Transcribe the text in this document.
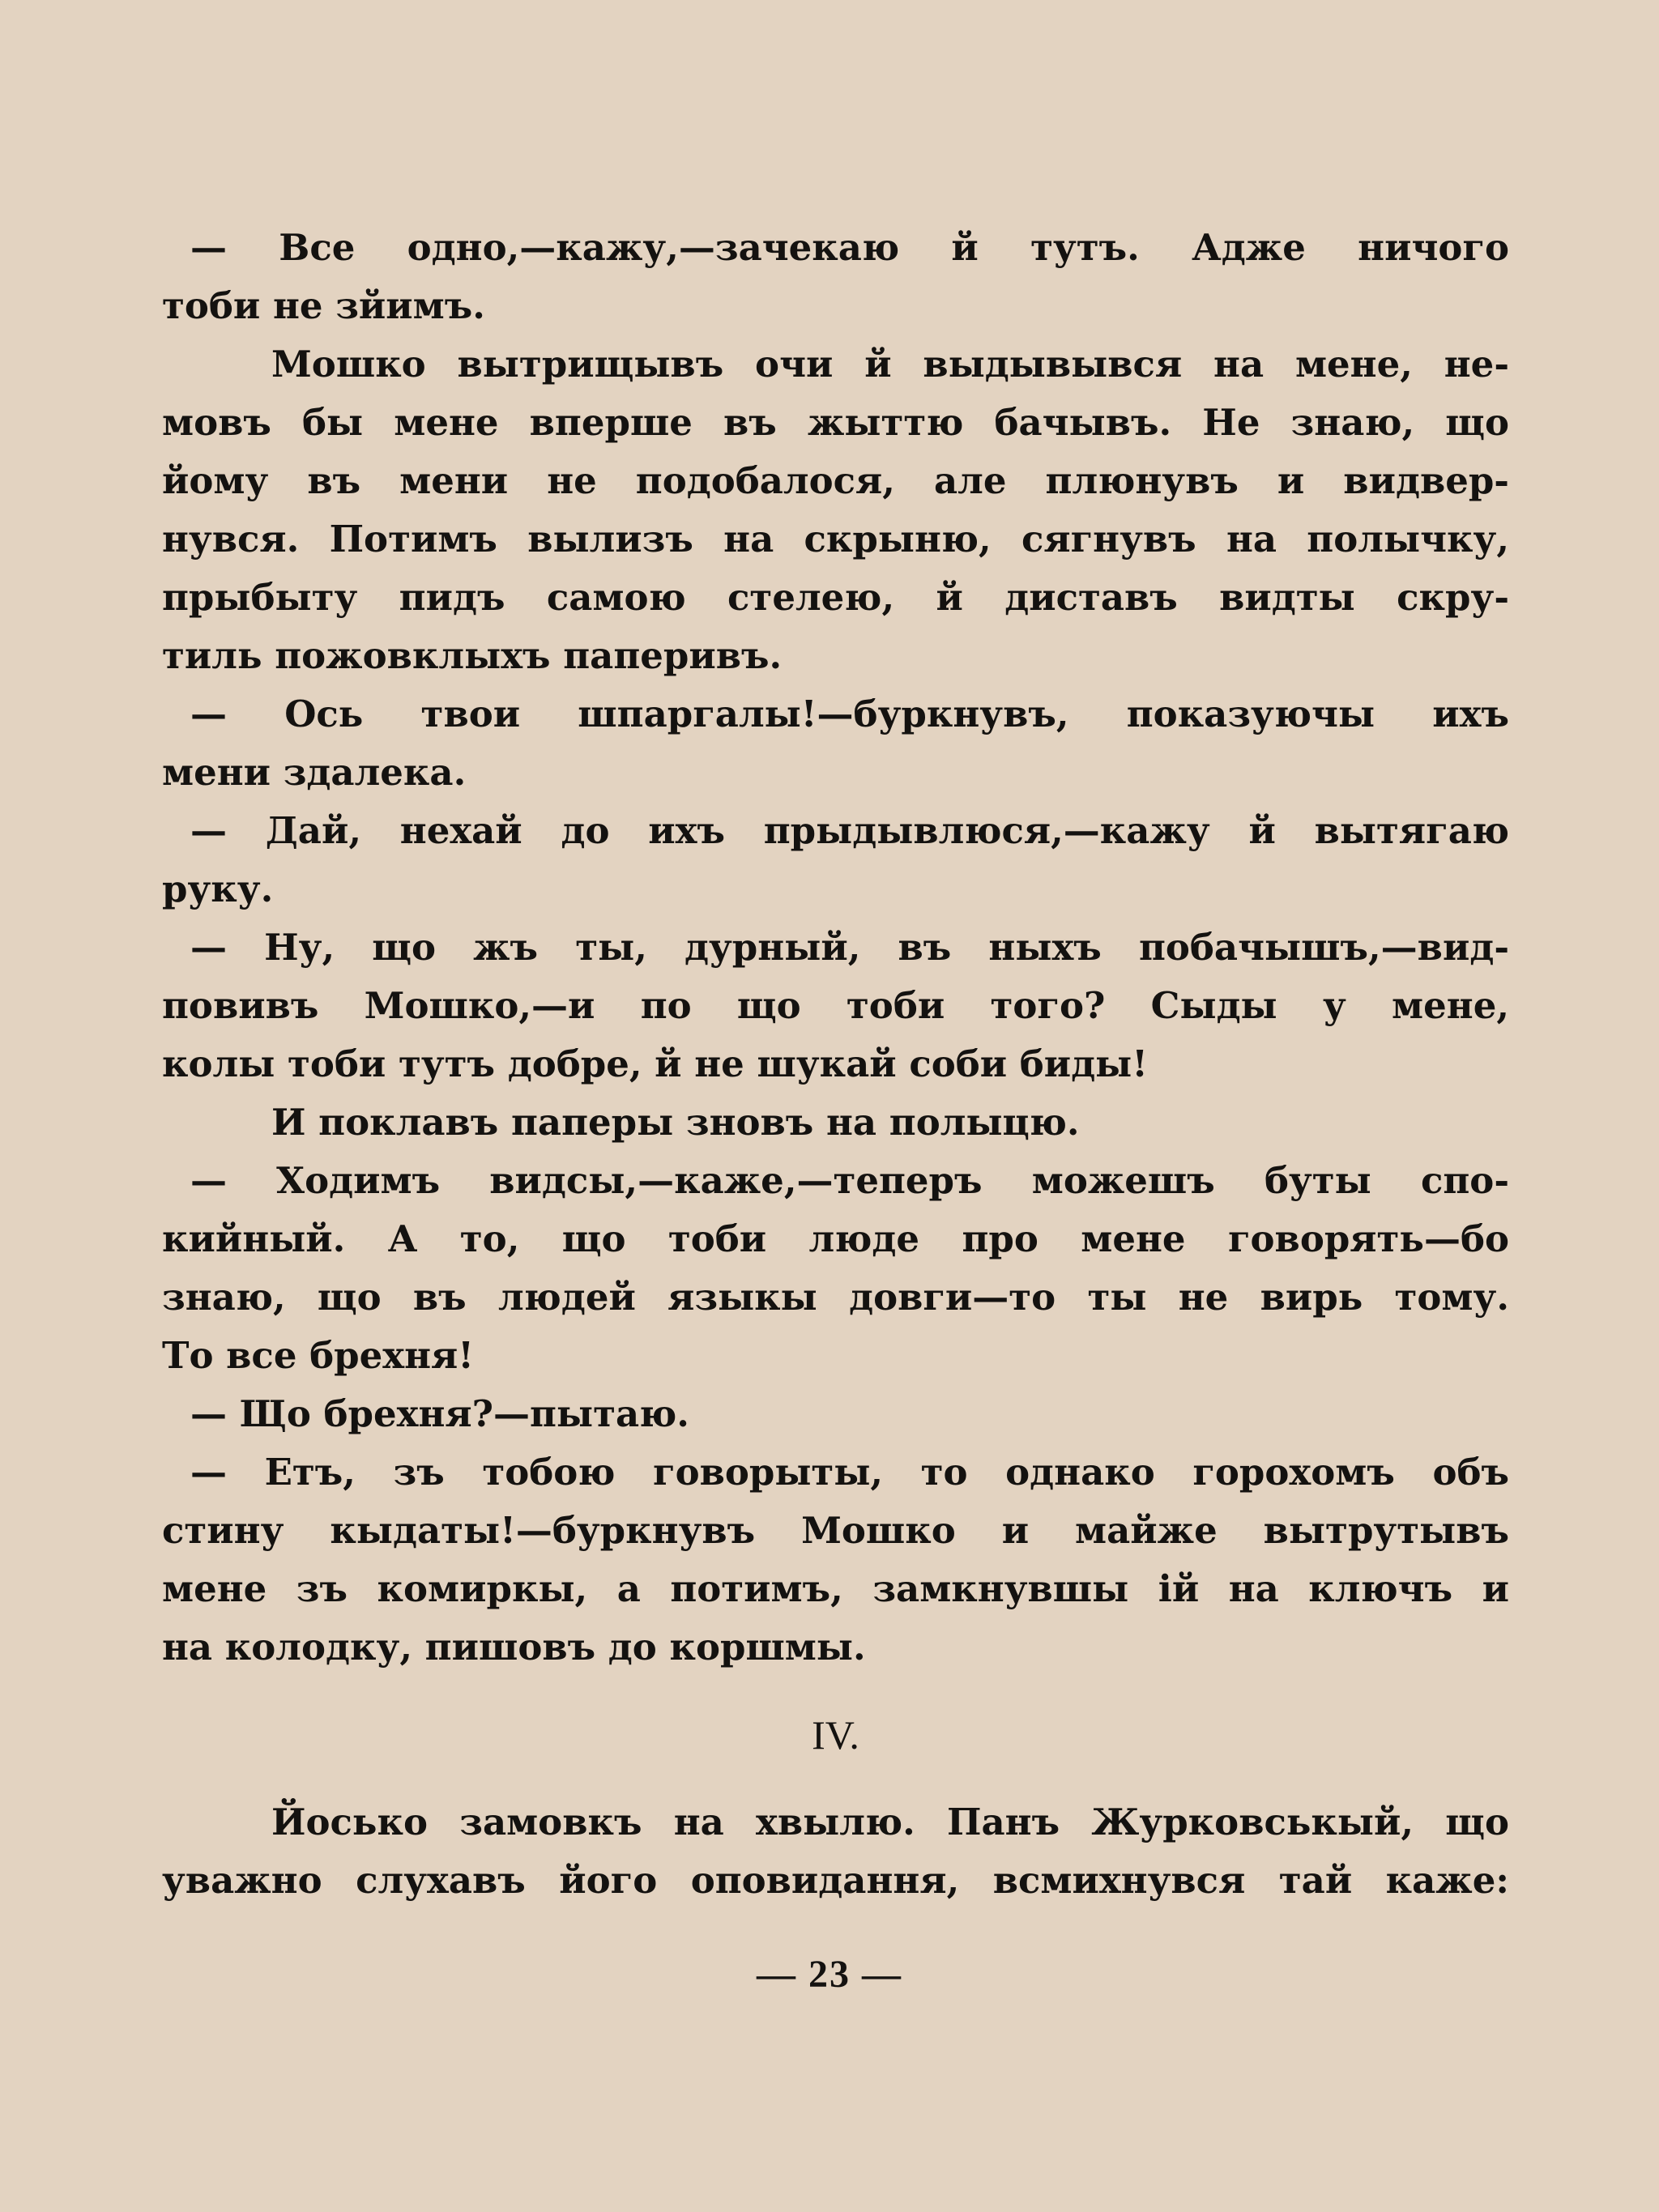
— Все одно,—кажу,—зачекаю й тутъ. Адже ничого
тоби не зйимъ.
Мошко вытрищывъ очи й выдывывся на мене, не-
мовъ бы мене вперше въ жыттю бачывъ. Не знаю, що
йому въ мени не подобалося, але плюнувъ и видвер-
нувся. Потимъ вылизъ на скрыню, сягнувъ на полычку,
прыбыту пидъ самою стелею, й диставъ видты скру-
тиль пожовклыхъ паперивъ.
— Ось твои шпаргалы!—буркнувъ, показуючы ихъ
мени здалека.
— Дай, нехай до ихъ прыдывлюся,—кажу й вытягаю
руку.
— Ну, що жъ ты, дурный, въ ныхъ побачышъ,—вид-
повивъ Мошко,—и по що тоби того? Сыды у мене,
колы тоби тутъ добре, й не шукай соби биды!
И поклавъ паперы зновъ на полыцю.
— Ходимъ видсы,—каже,—теперъ можешъ буты спо-
кийный. А то, що тоби люде про мене говорять—бо
знаю, що въ людей языкы довги—то ты не вирь тому.
То все брехня!
— Що брехня?—пытаю.
— Етъ, зъ тобою говорыты, то однако горохомъ объ
стину кыдаты!—буркнувъ Мошко и майже вытрутывъ
мене зъ комиркы, а потимъ, замкнувшы ій на ключъ и
на колодку, пишовъ до коршмы.
IV.
Йосько замовкъ на хвылю. Панъ Журковськый, що
уважно слухавъ його оповидання, всмихнувся тай каже:
— 23 —
